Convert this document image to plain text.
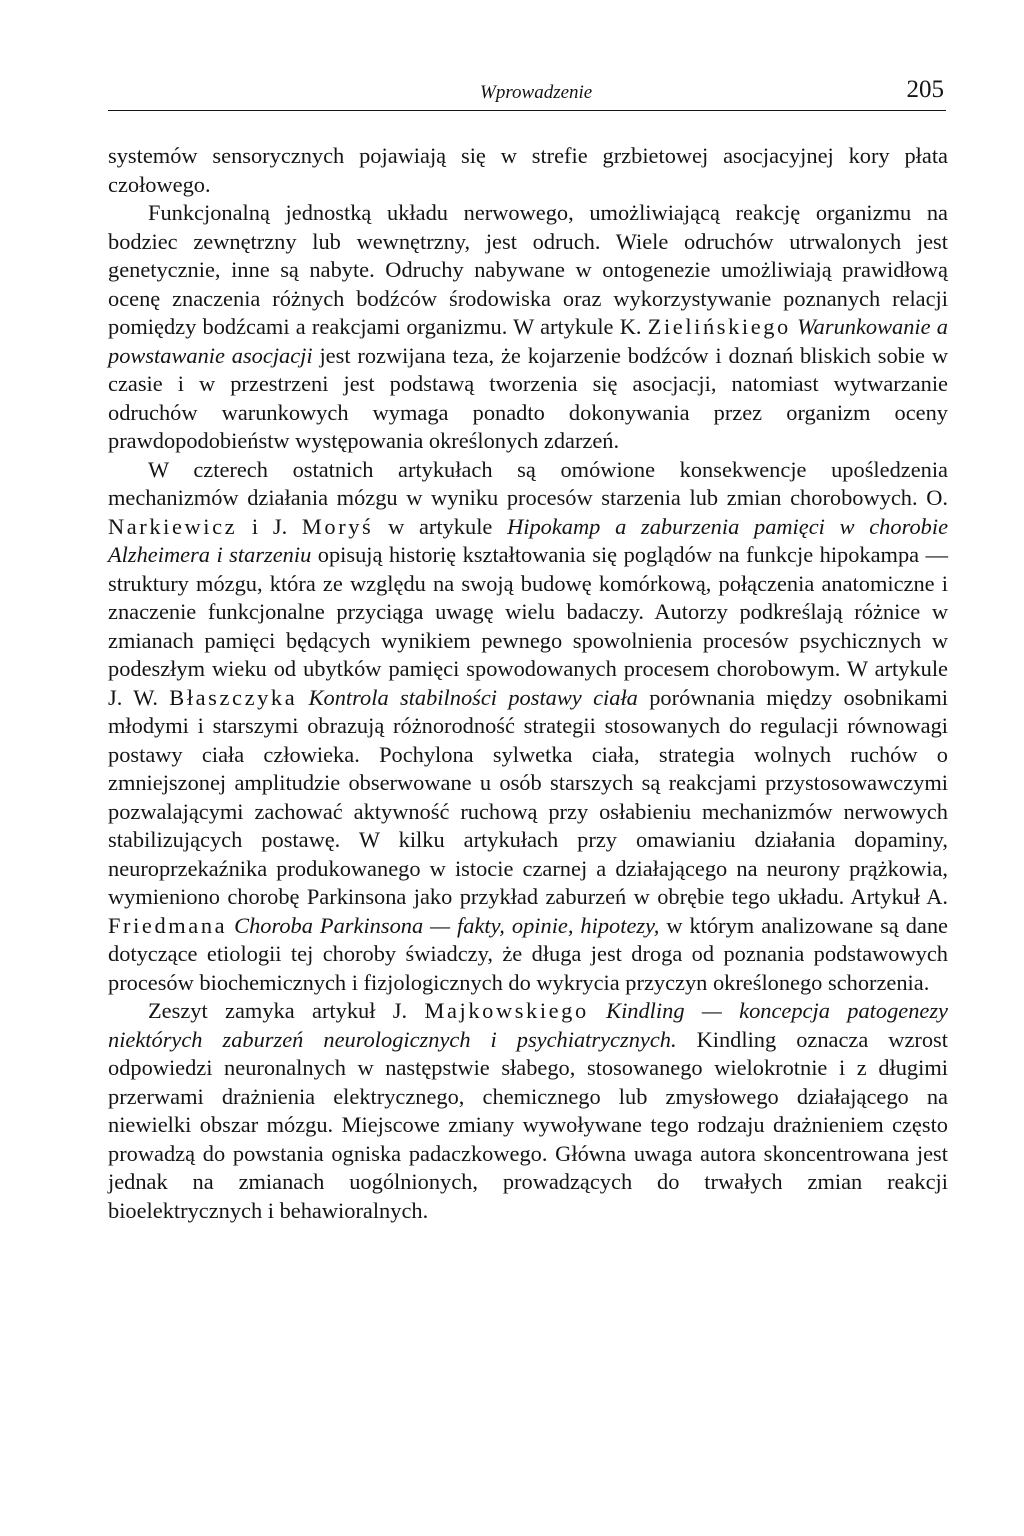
Wprowadzenie	205

systemów sensorycznych pojawiają się w strefie grzbietowej asocjacyjnej kory płata czołowego.

Funkcjonalną jednostką układu nerwowego, umożliwiającą reakcję organizmu na bodziec zewnętrzny lub wewnętrzny, jest odruch. Wiele odruchów utrwalonych jest genetycznie, inne są nabyte. Odruchy nabywane w ontogenezie umożliwiają prawidłową ocenę znaczenia różnych bodźców środowiska oraz wykorzystywanie poznanych relacji pomiędzy bodźcami a reakcjami organizmu. W artykule K. Zielińskiego Warunkowanie a powstawanie asocjacji jest rozwijana teza, że kojarzenie bodźców i doznań bliskich sobie w czasie i w przestrzeni jest podstawą tworzenia się asocjacji, natomiast wytwarzanie odruchów warunkowych wymaga ponadto dokonywania przez organizm oceny prawdopodobieństw występowania określonych zdarzeń.

W czterech ostatnich artykułach są omówione konsekwencje upośledzenia mechanizmów działania mózgu w wyniku procesów starzenia lub zmian chorobowych. O. Narkiewicz i J. Moryś w artykule Hipokamp a zaburzenia pamięci w chorobie Alzheimera i starzeniu opisują historię kształtowania się poglądów na funkcje hipokampa — struktury mózgu, która ze względu na swoją budowę komórkową, połączenia anatomiczne i znaczenie funkcjonalne przyciąga uwagę wielu badaczy. Autorzy podkreślają różnice w zmianach pamięci będących wynikiem pewnego spowolnienia procesów psychicznych w podeszłym wieku od ubytków pamięci spowodowanych procesem chorobowym. W artykule J. W. Błaszczyka Kontrola stabilności postawy ciała porównania między osobnikami młodymi i starszymi obrazują różnorodność strategii stosowanych do regulacji równowagi postawy ciała człowieka. Pochylona sylwetka ciała, strategia wolnych ruchów o zmniejszonej amplitudzie obserwowane u osób starszych są reakcjami przystosowawczymi pozwalającymi zachować aktywność ruchową przy osłabieniu mechanizmów nerwowych stabilizujących postawę. W kilku artykułach przy omawianiu działania dopaminy, neuroprzekaźnika produkowanego w istocie czarnej a działającego na neurony prążkowia, wymieniono chorobę Parkinsona jako przykład zaburzeń w obrębie tego układu. Artykuł A. Friedmana Choroba Parkinsona — fakty, opinie, hipotezy, w którym analizowane są dane dotyczące etiologii tej choroby świadczy, że długa jest droga od poznania podstawowych procesów biochemicznych i fizjologicznych do wykrycia przyczyn określonego schorzenia.

Zeszyt zamyka artykuł J. Majkowskiego Kindling — koncepcja patogenezy niektórych zaburzeń neurologicznych i psychiatrycznych. Kindling oznacza wzrost odpowiedzi neuronalnych w następstwie słabego, stosowanego wielokrotnie i z długimi przerwami drażnienia elektrycznego, chemicznego lub zmysłowego działającego na niewielki obszar mózgu. Miejscowe zmiany wywoływane tego rodzaju drażnieniem często prowadzą do powstania ogniska padaczkowego. Główna uwaga autora skoncentrowana jest jednak na zmianach uogólnionych, prowadzących do trwałych zmian reakcji bioelektrycznych i behawioralnych.
